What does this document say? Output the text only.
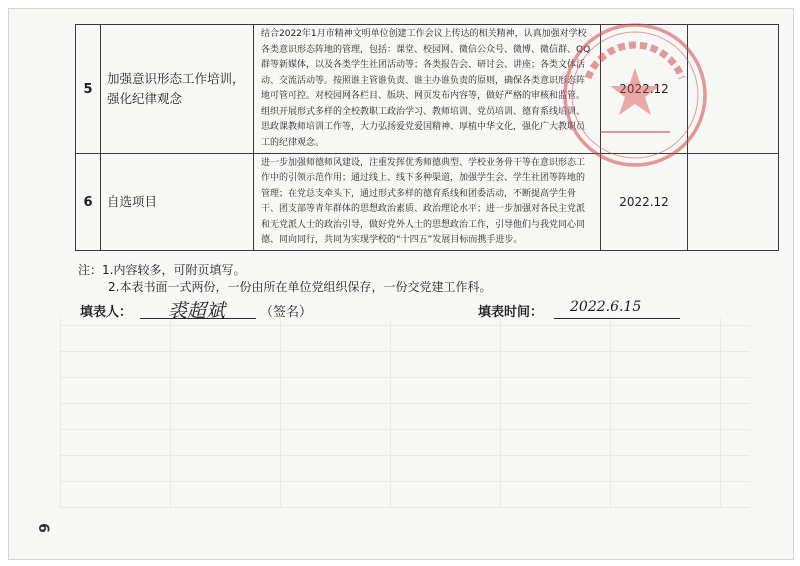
5	加强意识形态工作培训，强化纪律观念	结合2022年1月市精神文明单位创建工作会议上传达的相关精神，认真加强对学校各类意识形态阵地的管理，包括：课堂、校园网、微信公众号、微博、微信群、QQ群等新媒体，以及各类学生社团活动等；各类报告会、研讨会、讲座；各类文体活动、交流活动等。按照谁主管谁负责、谁主办谁负责的原则，确保各类意识形态阵地可管可控。对校园网各栏目、版块、网页发布内容等，做好严格的审核和监管。组织开展形式多样的全校教职工政治学习、教师培训、党员培训、德育系线培训、思政课教师培训工作等，大力弘扬爱党爱国精神、厚植中华文化，强化广大教职员工的纪律观念。	2022.12	
6	自选项目	进一步加强师德师风建设，注重发挥优秀师德典型、学校业务骨干等在意识形态工作中的引领示范作用；通过线上、线下多种渠道，加强学生会、学生社团等阵地的管理；在党总支牵头下，通过形式多样的德育系线和团委活动，不断提高学生骨干、团支部等青年群体的思想政治素质、政治理论水平；进一步加强对各民主党派和无党派人士的政治引导，做好党外人士的思想政治工作，引导他们与我党同心同德、同向同行，共同为实现学校的“十四五”发展目标而携手进步。	2022.12	
注：1.内容较多，可附页填写。
2.本表书面一式两份，一份由所在单位党组织保存，一份交党建工作科。
填表人： 裘超斌	（签名）	填表时间： 2022.6.15
6
